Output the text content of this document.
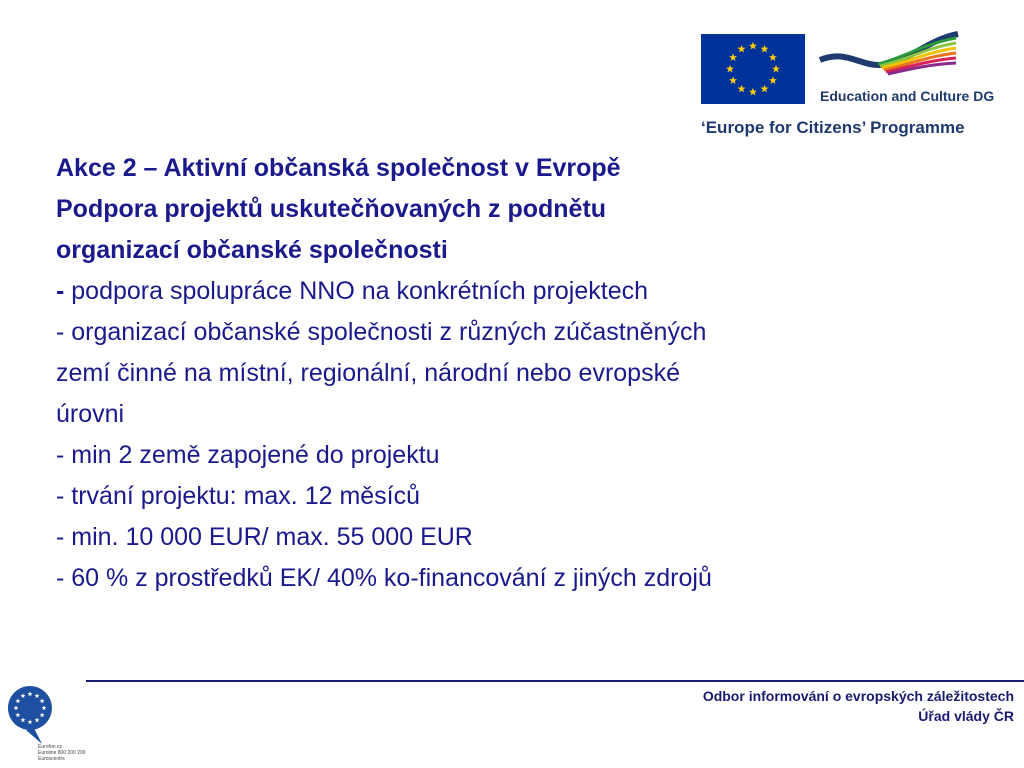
Education and Culture DG
‘Europe for Citizens’ Programme
Akce 2 – Aktivní občanská společnost v Evropě
Podpora projektů uskutečňovaných z podnětu
organizací občanské společnosti
- podpora spolupráce NNO na konkrétních projektech
- organizací občanské společnosti z různých zúčastněných
zemí činné na místní, regionální, národní nebo evropské
úrovni
- min 2 země zapojené do projektu
- trvání projektu: max. 12 měsíců
- min. 10 000 EUR/ max. 55 000 EUR
- 60 % z prostředků EK/ 40% ko-financování z jiných zdrojů
Eurofon.cz
Euroline 800 200 200
Euroscentrs
Odbor informování o evropských záležitostech
Úřad vlády ČR
